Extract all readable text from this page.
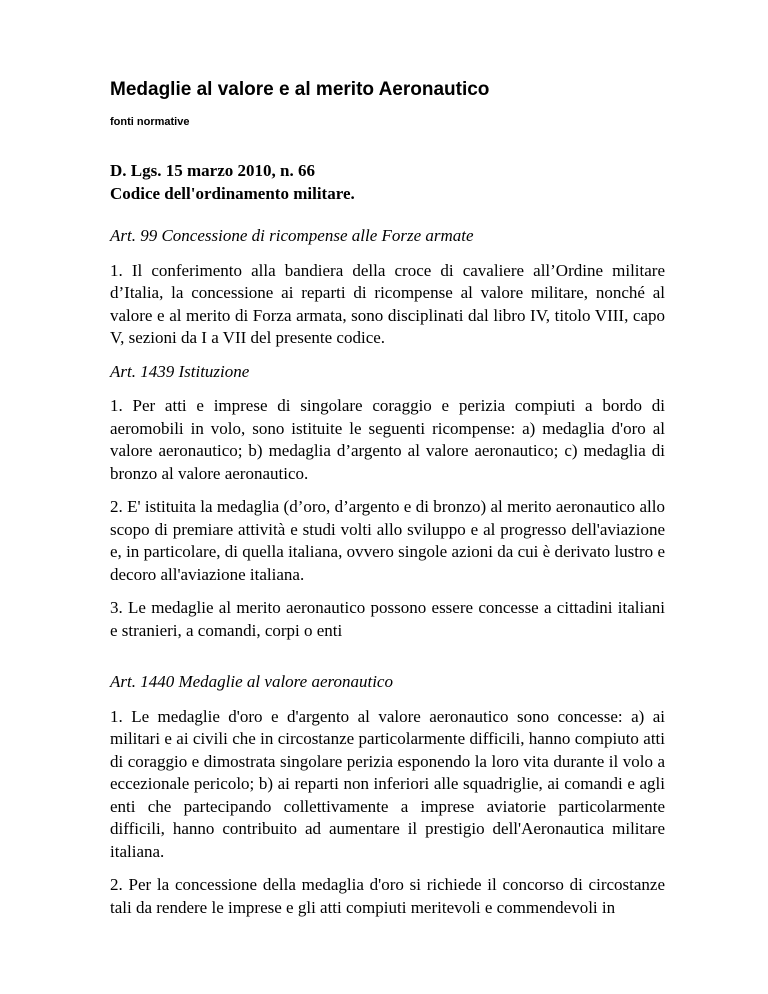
Medaglie al valore e al merito Aeronautico

fonti normative

D. Lgs. 15 marzo 2010, n. 66
Codice dell'ordinamento militare.
Art. 99 Concessione di ricompense alle Forze armate

1. Il conferimento alla bandiera della croce di cavaliere all’Ordine militare d’Italia, la concessione ai reparti di ricompense al valore militare, nonché al valore e al merito di Forza armata, sono disciplinati dal libro IV, titolo VIII, capo V, sezioni da I a VII del presente codice.

Art. 1439 Istituzione

1. Per atti e imprese di singolare coraggio e perizia compiuti a bordo di aeromobili in volo, sono istituite le seguenti ricompense: a) medaglia d'oro al valore aeronautico; b) medaglia d’argento al valore aeronautico; c) medaglia di bronzo al valore aeronautico.

2. E' istituita la medaglia (d’oro, d’argento e di bronzo) al merito aeronautico allo scopo di premiare attività e studi volti allo sviluppo e al progresso dell'aviazione e, in particolare, di quella italiana, ovvero singole azioni da cui è derivato lustro e decoro all'aviazione italiana.

3. Le medaglie al merito aeronautico possono essere concesse a cittadini italiani e stranieri, a comandi, corpi o enti

Art. 1440 Medaglie al valore aeronautico

1. Le medaglie d'oro e d'argento al valore aeronautico sono concesse: a) ai militari e ai civili che in circostanze particolarmente difficili, hanno compiuto atti di coraggio e dimostrata singolare perizia esponendo la loro vita durante il volo a eccezionale pericolo; b) ai reparti non inferiori alle squadriglie, ai comandi e agli enti che partecipando collettivamente a imprese aviatorie particolarmente difficili, hanno contribuito ad aumentare il prestigio dell'Aeronautica militare italiana.

2. Per la concessione della medaglia d'oro si richiede il concorso di circostanze tali da rendere le imprese e gli atti compiuti meritevoli e commendevoli in
